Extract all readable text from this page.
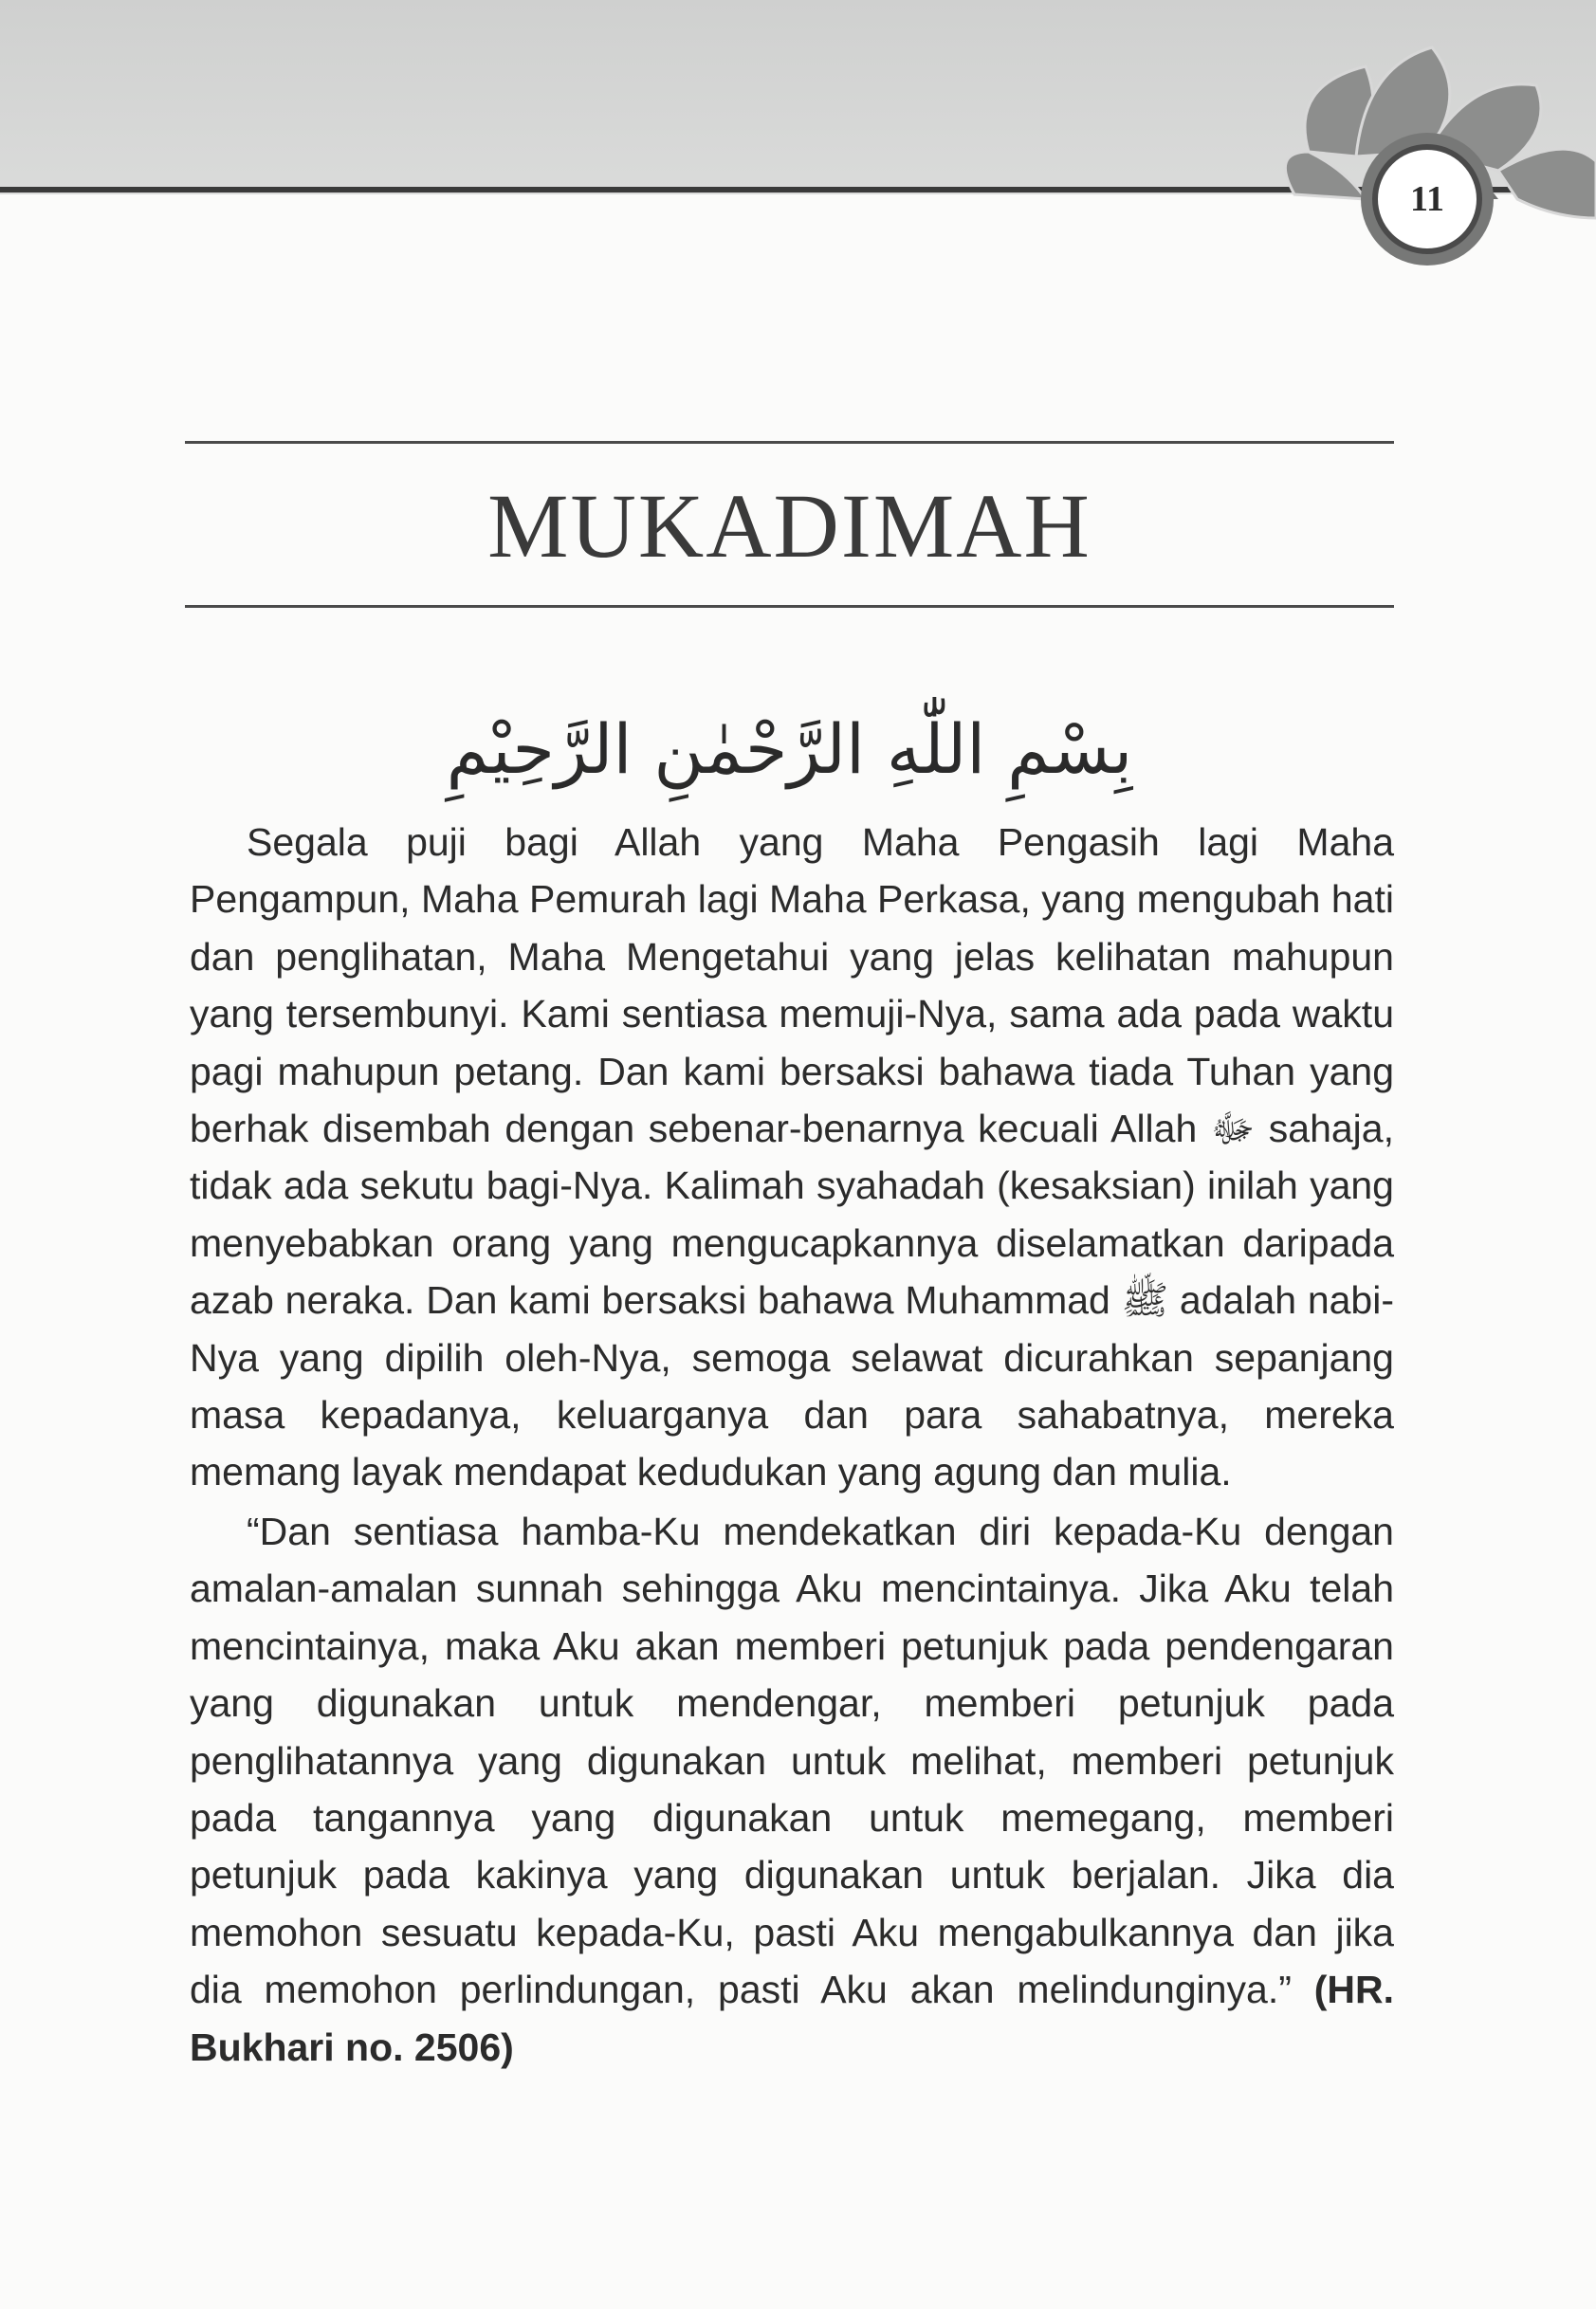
11
MUKADIMAH
بِسْمِ اللّٰهِ الرَّحْمٰنِ الرَّحِيْمِ

Segala puji bagi Allah yang Maha Pengasih lagi Maha Pengampun, Maha Pemurah lagi Maha Perkasa, yang mengubah hati dan penglihatan, Maha Mengetahui yang jelas kelihatan mahupun yang tersembunyi. Kami sentiasa memuji-Nya, sama ada pada waktu pagi mahupun petang. Dan kami bersaksi bahawa tiada Tuhan yang berhak disembah dengan sebenar-benarnya kecuali Allah ﷻ sahaja, tidak ada sekutu bagi-Nya. Kalimah syahadah (kesaksian) inilah yang menyebabkan orang yang mengucapkannya diselamatkan daripada azab neraka. Dan kami bersaksi bahawa Muhammad ﷺ adalah nabi-Nya yang dipilih oleh-Nya, semoga selawat dicurahkan sepanjang masa kepadanya, keluarganya dan para sahabatnya, mereka memang layak mendapat kedudukan yang agung dan mulia.

“Dan sentiasa hamba-Ku mendekatkan diri kepada-Ku dengan amalan-amalan sunnah sehingga Aku mencintainya. Jika Aku telah mencintainya, maka Aku akan memberi petunjuk pada pendengaran yang digunakan untuk mendengar, memberi petunjuk pada penglihatannya yang digunakan untuk melihat, memberi petunjuk pada tangannya yang digunakan untuk memegang, memberi petunjuk pada kakinya yang digunakan untuk berjalan. Jika dia memohon sesuatu kepada-Ku, pasti Aku mengabulkannya dan jika dia memohon perlindungan, pasti Aku akan melindunginya.” (HR. Bukhari no. 2506)
